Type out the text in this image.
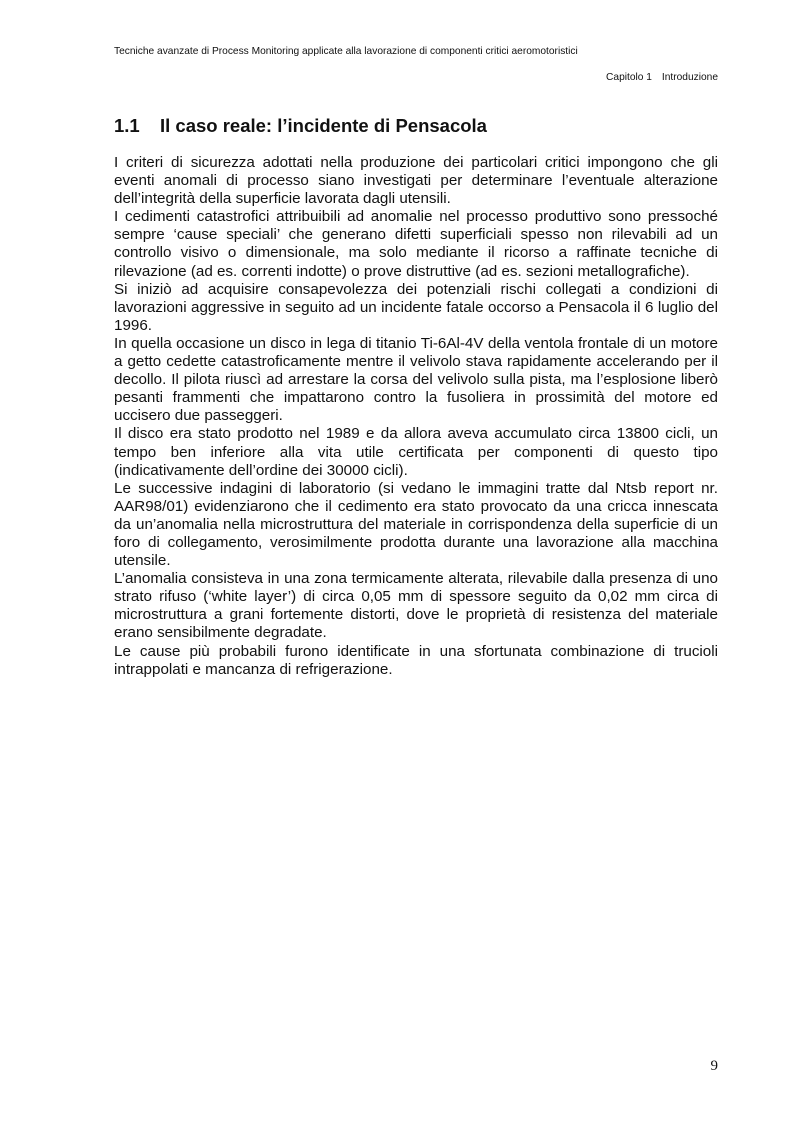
Tecniche avanzate di Process Monitoring applicate alla lavorazione di componenti critici aeromotoristici
Capitolo 1 Introduzione
1.1 Il caso reale: l’incidente di Pensacola

I criteri di sicurezza adottati nella produzione dei particolari critici impongono che gli eventi anomali di processo siano investigati per determinare l’eventuale alterazione dell’integrità della superficie lavorata dagli utensili.

I cedimenti catastrofici attribuibili ad anomalie nel processo produttivo sono pressoché sempre ‘cause speciali’ che generano difetti superficiali spesso non rilevabili ad un controllo visivo o dimensionale, ma solo mediante il ricorso a raffinate tecniche di rilevazione (ad es. correnti indotte) o prove distruttive (ad es. sezioni metallografiche).

Si iniziò ad acquisire consapevolezza dei potenziali rischi collegati a condizioni di lavorazioni aggressive in seguito ad un incidente fatale occorso a Pensacola il 6 luglio del 1996.

In quella occasione un disco in lega di titanio Ti-6Al-4V della ventola frontale di un motore a getto cedette catastroficamente mentre il velivolo stava rapidamente accelerando per il decollo. Il pilota riuscì ad arrestare la corsa del velivolo sulla pista, ma l’esplosione liberò pesanti frammenti che impattarono contro la fusoliera in prossimità del motore ed uccisero due passeggeri.

Il disco era stato prodotto nel 1989 e da allora aveva accumulato circa 13800 cicli, un tempo ben inferiore alla vita utile certificata per componenti di questo tipo (indicativamente dell’ordine dei 30000 cicli).

Le successive indagini di laboratorio (si vedano le immagini tratte dal Ntsb report nr. AAR98/01) evidenziarono che il cedimento era stato provocato da una cricca innescata da un’anomalia nella microstruttura del materiale in corrispondenza della superficie di un foro di collegamento, verosimilmente prodotta durante una lavorazione alla macchina utensile.

L’anomalia consisteva in una zona termicamente alterata, rilevabile dalla presenza di uno strato rifuso (‘white layer’) di circa 0,05 mm di spessore seguito da 0,02 mm circa di microstruttura a grani fortemente distorti, dove le proprietà di resistenza del materiale erano sensibilmente degradate.

Le cause più probabili furono identificate in una sfortunata combinazione di trucioli intrappolati e mancanza di refrigerazione.

9
